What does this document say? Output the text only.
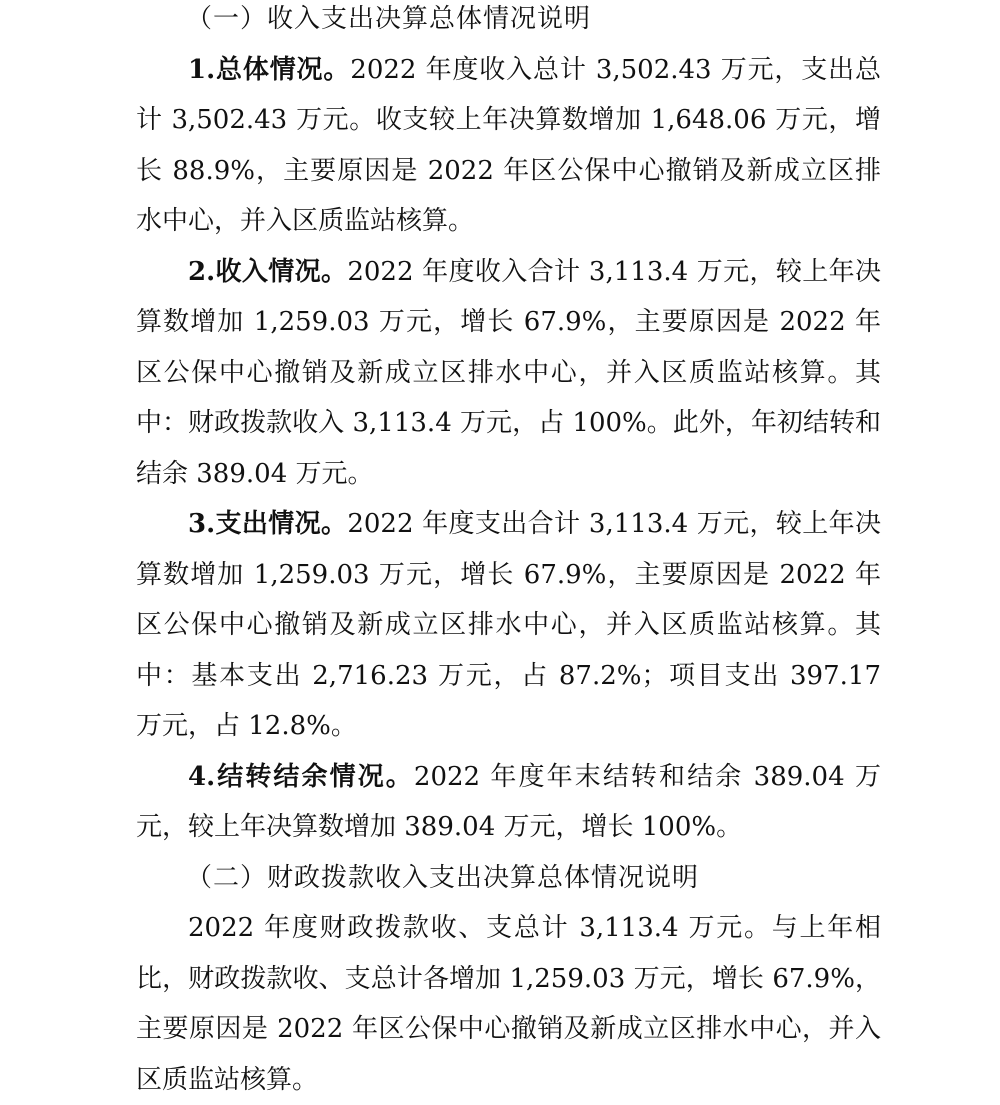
（一）收入支出决算总体情况说明

1.总体情况。2022 年度收入总计 3,502.43 万元，支出总计 3,502.43 万元。收支较上年决算数增加 1,648.06 万元，增长 88.9%，主要原因是 2022 年区公保中心撤销及新成立区排水中心，并入区质监站核算。

2.收入情况。2022 年度收入合计 3,113.4 万元，较上年决算数增加 1,259.03 万元，增长 67.9%，主要原因是 2022 年区公保中心撤销及新成立区排水中心，并入区质监站核算。其中：财政拨款收入 3,113.4 万元，占 100%。此外，年初结转和结余 389.04 万元。

3.支出情况。2022 年度支出合计 3,113.4 万元，较上年决算数增加 1,259.03 万元，增长 67.9%，主要原因是 2022 年区公保中心撤销及新成立区排水中心，并入区质监站核算。其中：基本支出 2,716.23 万元，占 87.2%；项目支出 397.17 万元，占 12.8%。

4.结转结余情况。2022 年度年末结转和结余 389.04 万元，较上年决算数增加 389.04 万元，增长 100%。

（二）财政拨款收入支出决算总体情况说明

2022 年度财政拨款收、支总计 3,113.4 万元。与上年相比，财政拨款收、支总计各增加 1,259.03 万元，增长 67.9%，主要原因是 2022 年区公保中心撤销及新成立区排水中心，并入区质监站核算。
